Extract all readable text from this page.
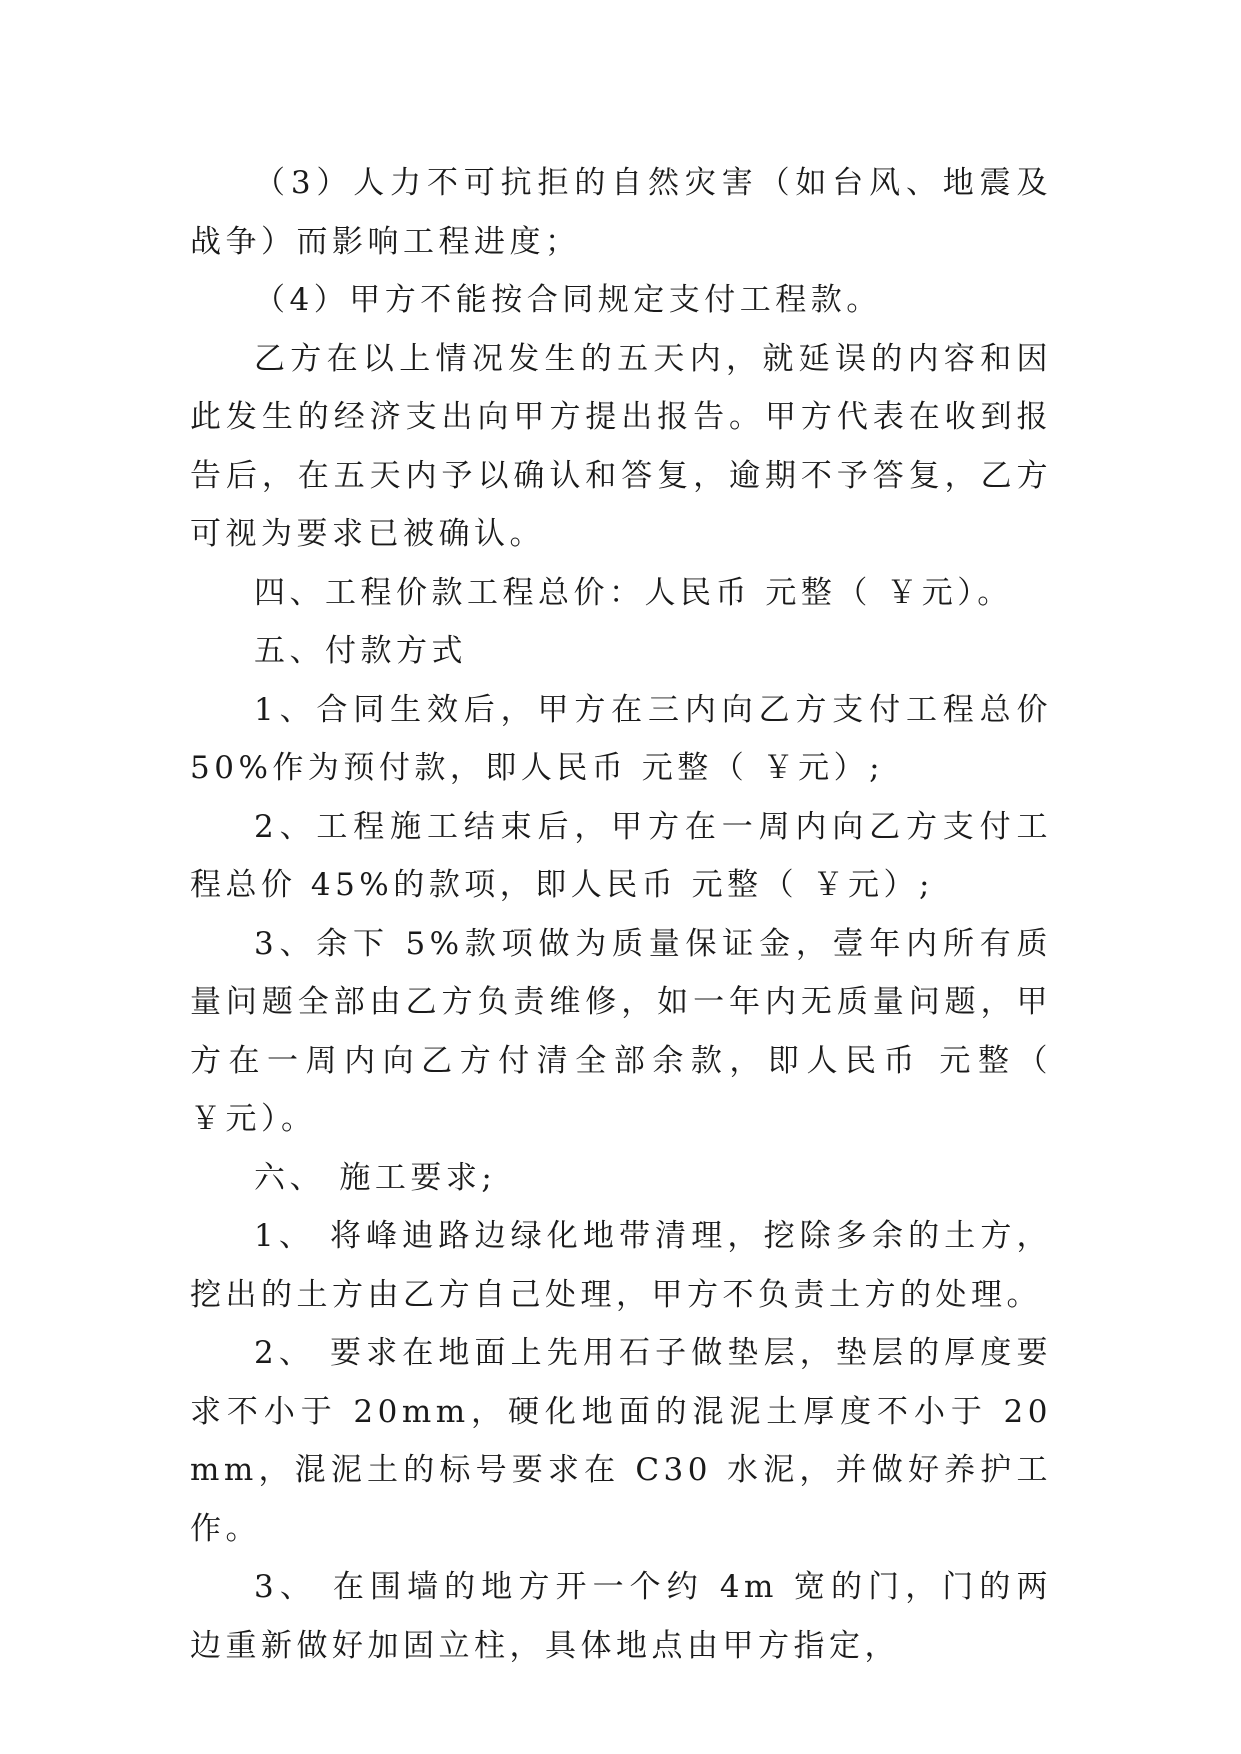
（3）人力不可抗拒的自然灾害（如台风、地震及战争）而影响工程进度；

（4）甲方不能按合同规定支付工程款。

乙方在以上情况发生的五天内，就延误的内容和因此发生的经济支出向甲方提出报告。甲方代表在收到报告后，在五天内予以确认和答复，逾期不予答复，乙方可视为要求已被确认。

四、工程价款工程总价：人民币 元整（ ￥元）。

五、付款方式

1、合同生效后，甲方在三内向乙方支付工程总价 50%作为预付款，即人民币 元整（ ￥元）;

2、工程施工结束后，甲方在一周内向乙方支付工程总价 45%的款项，即人民币 元整（ ￥元）;

3、余下 5%款项做为质量保证金，壹年内所有质量问题全部由乙方负责维修，如一年内无质量问题，甲方在一周内向乙方付清全部余款，即人民币 元整（ ￥元）。

六、 施工要求;

1、 将峰迪路边绿化地带清理，挖除多余的土方，挖出的土方由乙方自己处理，甲方不负责土方的处理。

2、 要求在地面上先用石子做垫层，垫层的厚度要求不小于 20mm，硬化地面的混泥土厚度不小于 20mm，混泥土的标号要求在 C30 水泥，并做好养护工作。

3、 在围墙的地方开一个约 4m 宽的门，门的两边重新做好加固立柱，具体地点由甲方指定，
